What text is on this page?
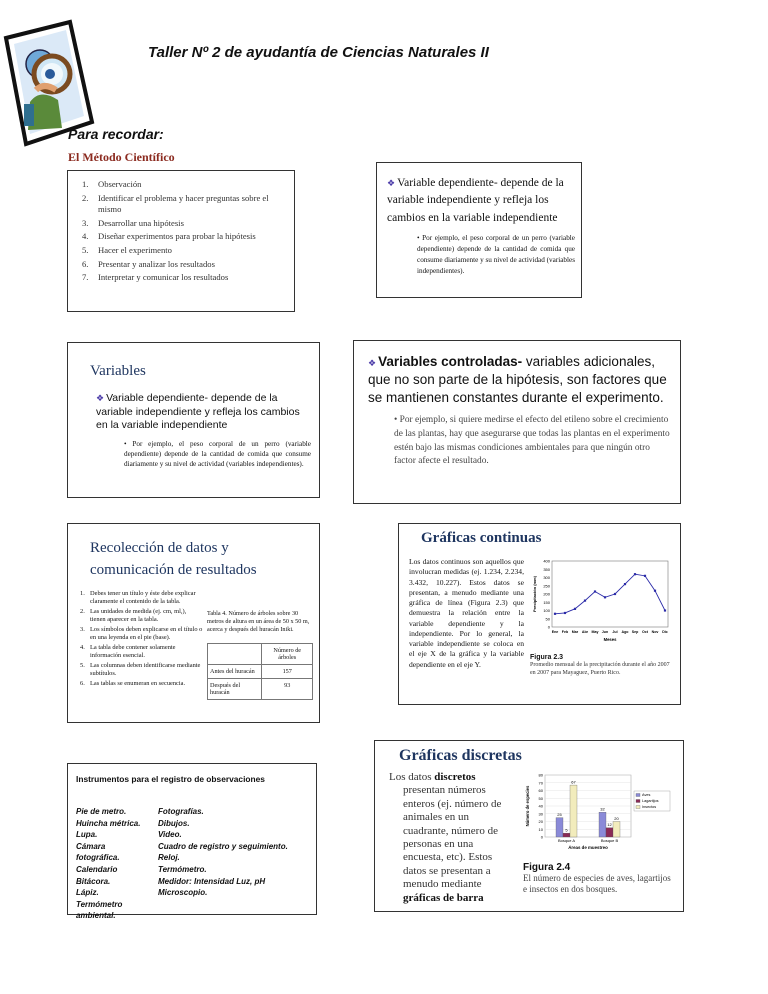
Taller Nº 2 de ayudantía de Ciencias Naturales II
Para recordar:
El Método Científico
1.	Observación
2.	Identificar el problema y hacer preguntas sobre el mismo
3.	Desarrollar una hipótesis
4.	Diseñar experimentos para probar la hipótesis
5.	Hacer el experimento
6.	Presentar y analizar los resultados
7.	Interpretar y comunicar los resultados
❖ Variable dependiente- depende de la variable independiente y refleja los cambios en la variable independiente
• Por ejemplo, el peso corporal de un perro (variable dependiente) depende de la cantidad de comida que consume diariamente y su nivel de actividad (variables independientes).
Variables
❖ Variable dependiente- depende de la variable independiente y refleja los cambios en la variable independiente
• Por ejemplo, el peso corporal de un perro (variable dependiente) depende de la cantidad de comida que consume diariamente y su nivel de actividad (variables independientes).
❖ Variables controladas- variables adicionales, que no son parte de la hipótesis, son factores que se mantienen constantes durante el experimento.
• Por ejemplo, si quiere medirse el efecto del etileno sobre el crecimiento de las plantas, hay que asegurarse que todas las plantas en el experimento estén bajo las mismas condiciones ambientales para que ningún otro factor afecte el resultado.
Recolección de datos y
comunicación de resultados
1. Debes tener un título y éste debe explicar claramente el contenido de la tabla.
2. Las unidades de medida (ej. cm, ml,), tienen aparecer en la tabla.
3. Los símbolos deben explicarse en el título o en una leyenda en el pie (base).
4. La tabla debe contener solamente información esencial.
5. Las columnas deben identificarse mediante subtítulos.
6. Las tablas se enumeran en secuencia.
Tabla 4. Número de árboles sobre 30 metros de altura en un área de 50 x 50 m, acerca y después del huracán Iniki.
	Número de árboles
Antes del huracán	157
Después del huracán	93
Gráficas continuas
Los datos continuos son aquellos que involucran medidas (ej. 1.234, 2.234, 3.432, 10.227). Estos datos se presentan, a menudo mediante una gráfica de línea (Figura 2.3) que demuestra la relación entre la variable dependiente y la independiente. Por lo general, la variable independiente se coloca en el eje X de la gráfica y la variable dependiente en el eje Y.
0
50
100
150
200
250
300
350
400
Ene Feb Mar Abr May Jun Jul Ago Sep Oct Nov Dic
Meses
Precipitación (mm)
Figura 2.3
Promedio mensual de la precipitación durante el año 2007 en 2007 para Mayaguez, Puerto Rico.
Instrumentos para el registro de observaciones
Pie de metro.
Huincha métrica.
Lupa.
Cámara
fotográfica.
Calendario
Bitácora.
Lápiz.
Termómetro
ambiental.
Fotografías.
Dibujos.
Video.
Cuadro de registro y seguimiento.
Reloj.
Termómetro.
Medidor: Intensidad Luz, pH
Microscopio.
Gráficas discretas
Los datos discretos
presentan números
enteros (ej. número de
animales en un
cuadrante, número de
personas en una
encuesta, etc). Estos
datos se presentan a
menudo mediante
gráficas de barra
0
10
20
30
40
50
60
70
80
25
5
67
Bosque A
32
12
20
Bosque B
Áreas de muestreo
Número de especies	Aves
Lagartijos
Insectos
Figura 2.4
El número de especies de aves, lagartijos e insectos en dos bosques.
